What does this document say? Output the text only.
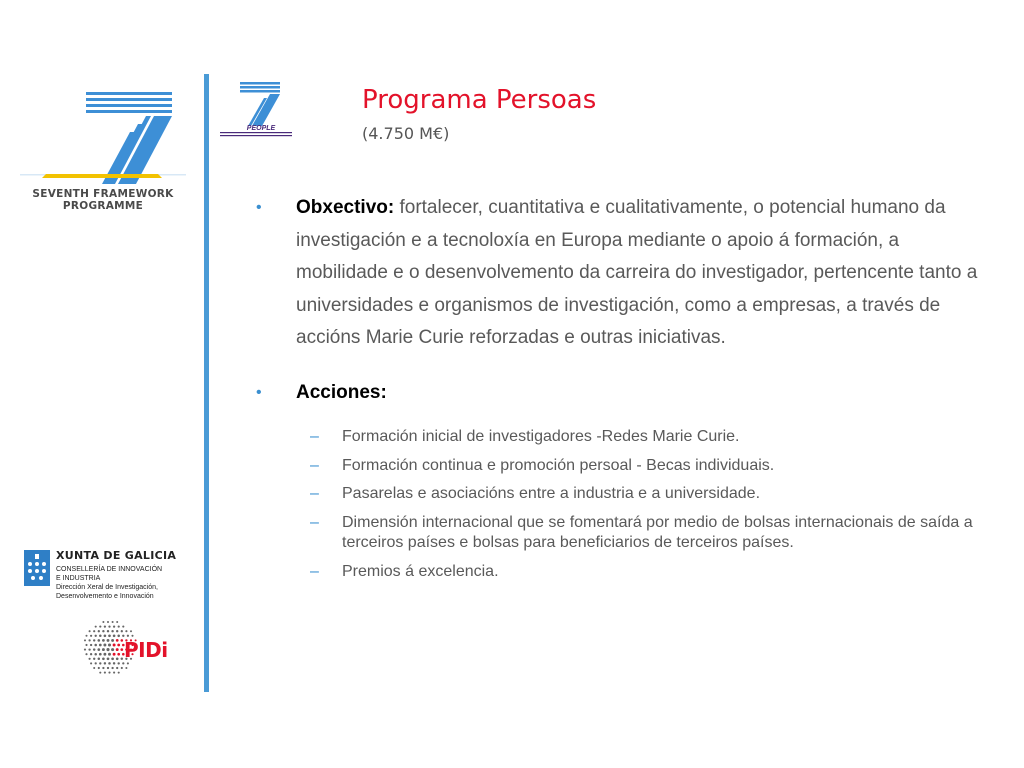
SEVENTH FRAMEWORK
PROGRAMME
PEOPLE
Programa Persoas
(4.750 M€)
• Obxectivo: fortalecer, cuantitativa e cualitativamente, o potencial humano da investigación e a tecnoloxía en Europa mediante o apoio á formación, a mobilidade e o desenvolvemento da carreira do investigador, pertencente tanto a universidades e organismos de investigación, como a empresas, a través de accións Marie Curie reforzadas e outras iniciativas.
• Acciones:
– Formación inicial de investigadores -Redes Marie Curie.
– Formación continua e promoción persoal - Becas individuais.
– Pasarelas e asociacións entre a industria e a universidade.
– Dimensión internacional que se fomentará por medio de bolsas internacionais de saída a terceiros países e bolsas para beneficiarios de terceiros países.
– Premios á excelencia.
XUNTA DE GALICIA
CONSELLERÍA DE INNOVACIÓN
E INDUSTRIA
Dirección Xeral de Investigación,
Desenvolvemento e Innovación
PIDi
